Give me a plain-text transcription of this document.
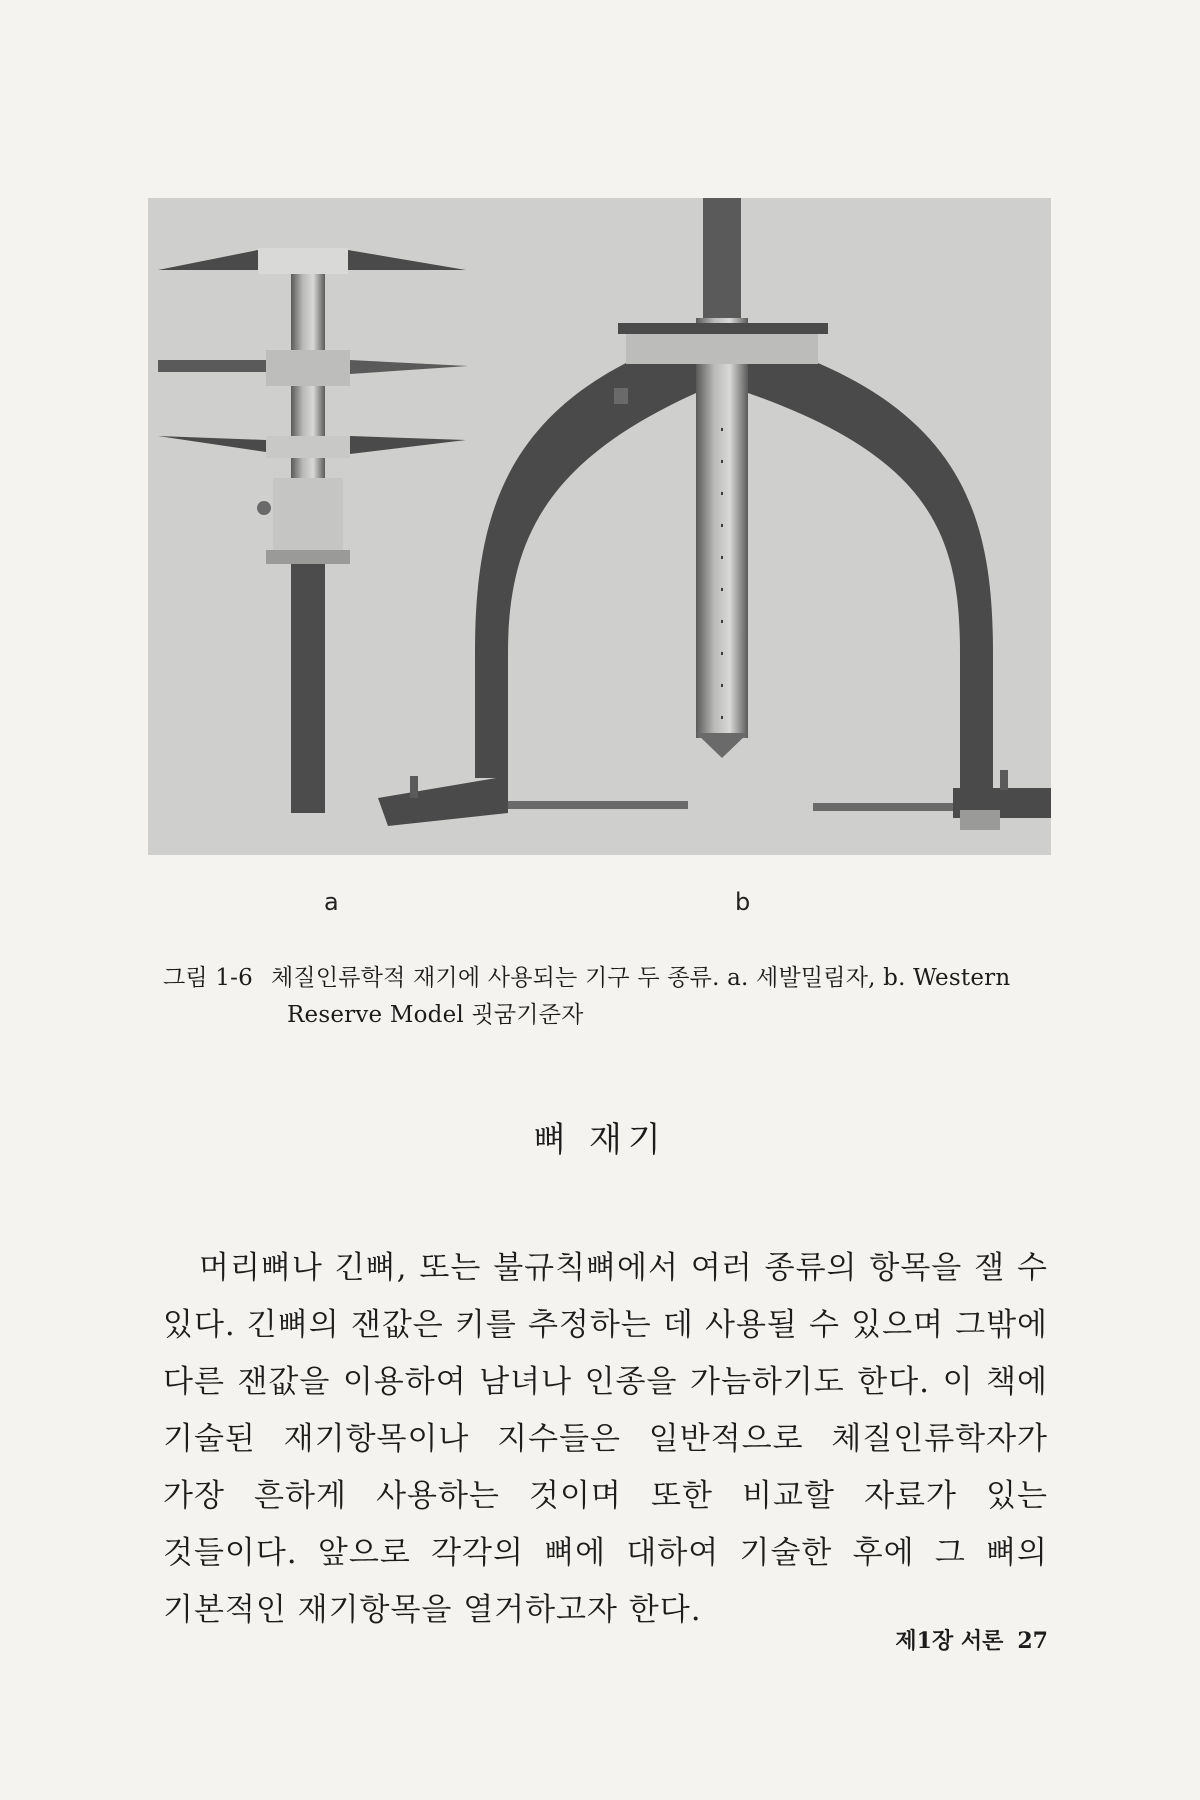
a	b
그림 1-6 체질인류학적 재기에 사용되는 기구 두 종류. a. 세발밀림자, b. Western
Reserve Model 굇굼기준자
뼈 재기

머리뼈나 긴뼈, 또는 불규칙뼈에서 여러 종류의 항목을 잴 수 있다. 긴뼈의 잰값은 키를 추정하는 데 사용될 수 있으며 그밖에 다른 잰값을 이용하여 남녀나 인종을 가늠하기도 한다. 이 책에 기술된 재기항목이나 지수들은 일반적으로 체질인류학자가 가장 흔하게 사용하는 것이며 또한 비교할 자료가 있는 것들이다. 앞으로 각각의 뼈에 대하여 기술한 후에 그 뼈의 기본적인 재기항목을 열거하고자 한다.

제1장 서론 27
